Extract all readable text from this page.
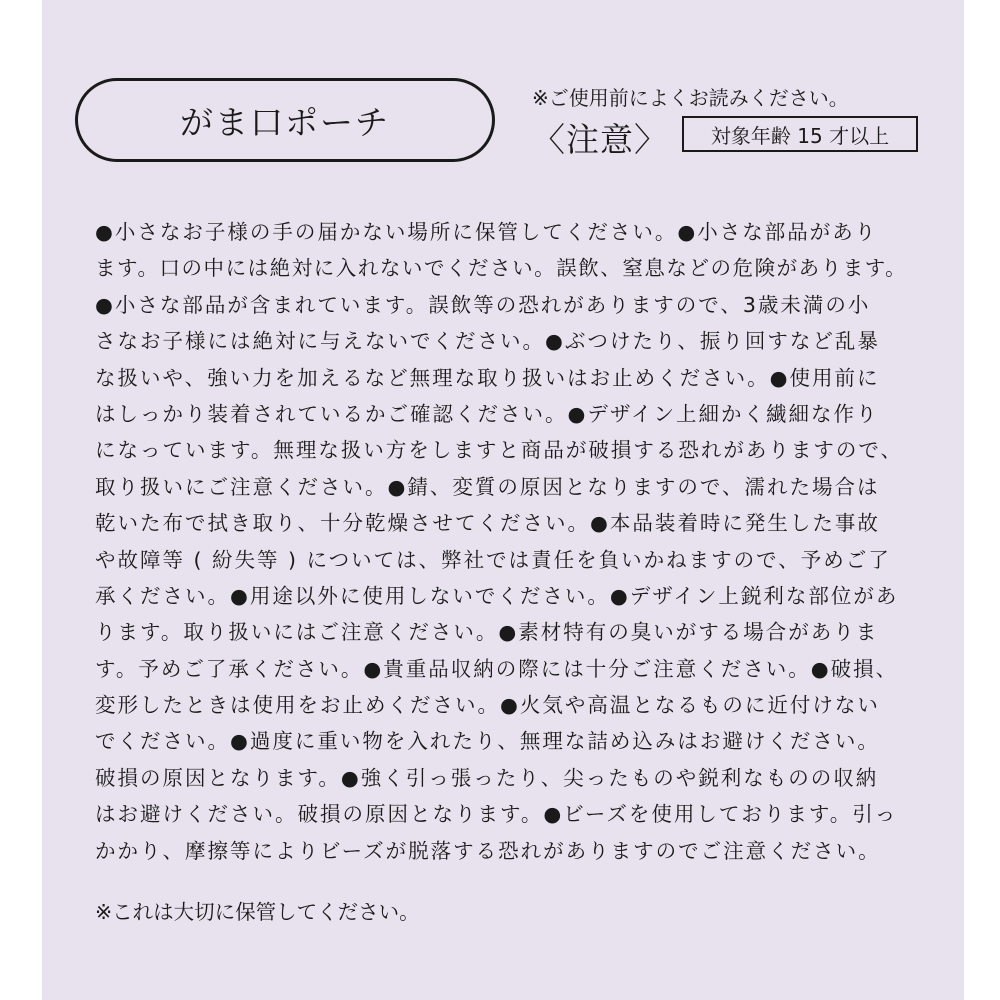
がま口ポーチ
※ご使用前によくお読みください。
〈注意〉	対象年齢 15 才以上
●小さなお子様の手の届かない場所に保管してください。●小さな部品があり
ます。口の中には絶対に入れないでください。誤飲、窒息などの危険があります。
●小さな部品が含まれています。誤飲等の恐れがありますので、3歳未満の小
さなお子様には絶対に与えないでください。●ぶつけたり、振り回すなど乱暴
な扱いや、強い力を加えるなど無理な取り扱いはお止めください。●使用前に
はしっかり装着されているかご確認ください。●デザイン上細かく繊細な作り
になっています。無理な扱い方をしますと商品が破損する恐れがありますので、
取り扱いにご注意ください。●錆、変質の原因となりますので、濡れた場合は
乾いた布で拭き取り、十分乾燥させてください。●本品装着時に発生した事故
や故障等 ( 紛失等 ) については、弊社では責任を負いかねますので、予めご了
承ください。●用途以外に使用しないでください。●デザイン上鋭利な部位があ
ります。取り扱いにはご注意ください。●素材特有の臭いがする場合がありま
す。予めご了承ください。●貴重品収納の際には十分ご注意ください。●破損、
変形したときは使用をお止めください。●火気や高温となるものに近付けない
でください。●過度に重い物を入れたり、無理な詰め込みはお避けください。
破損の原因となります。●強く引っ張ったり、尖ったものや鋭利なものの収納
はお避けください。破損の原因となります。●ビーズを使用しております。引っ
かかり、摩擦等によりビーズが脱落する恐れがありますのでご注意ください。
※これは大切に保管してください。
